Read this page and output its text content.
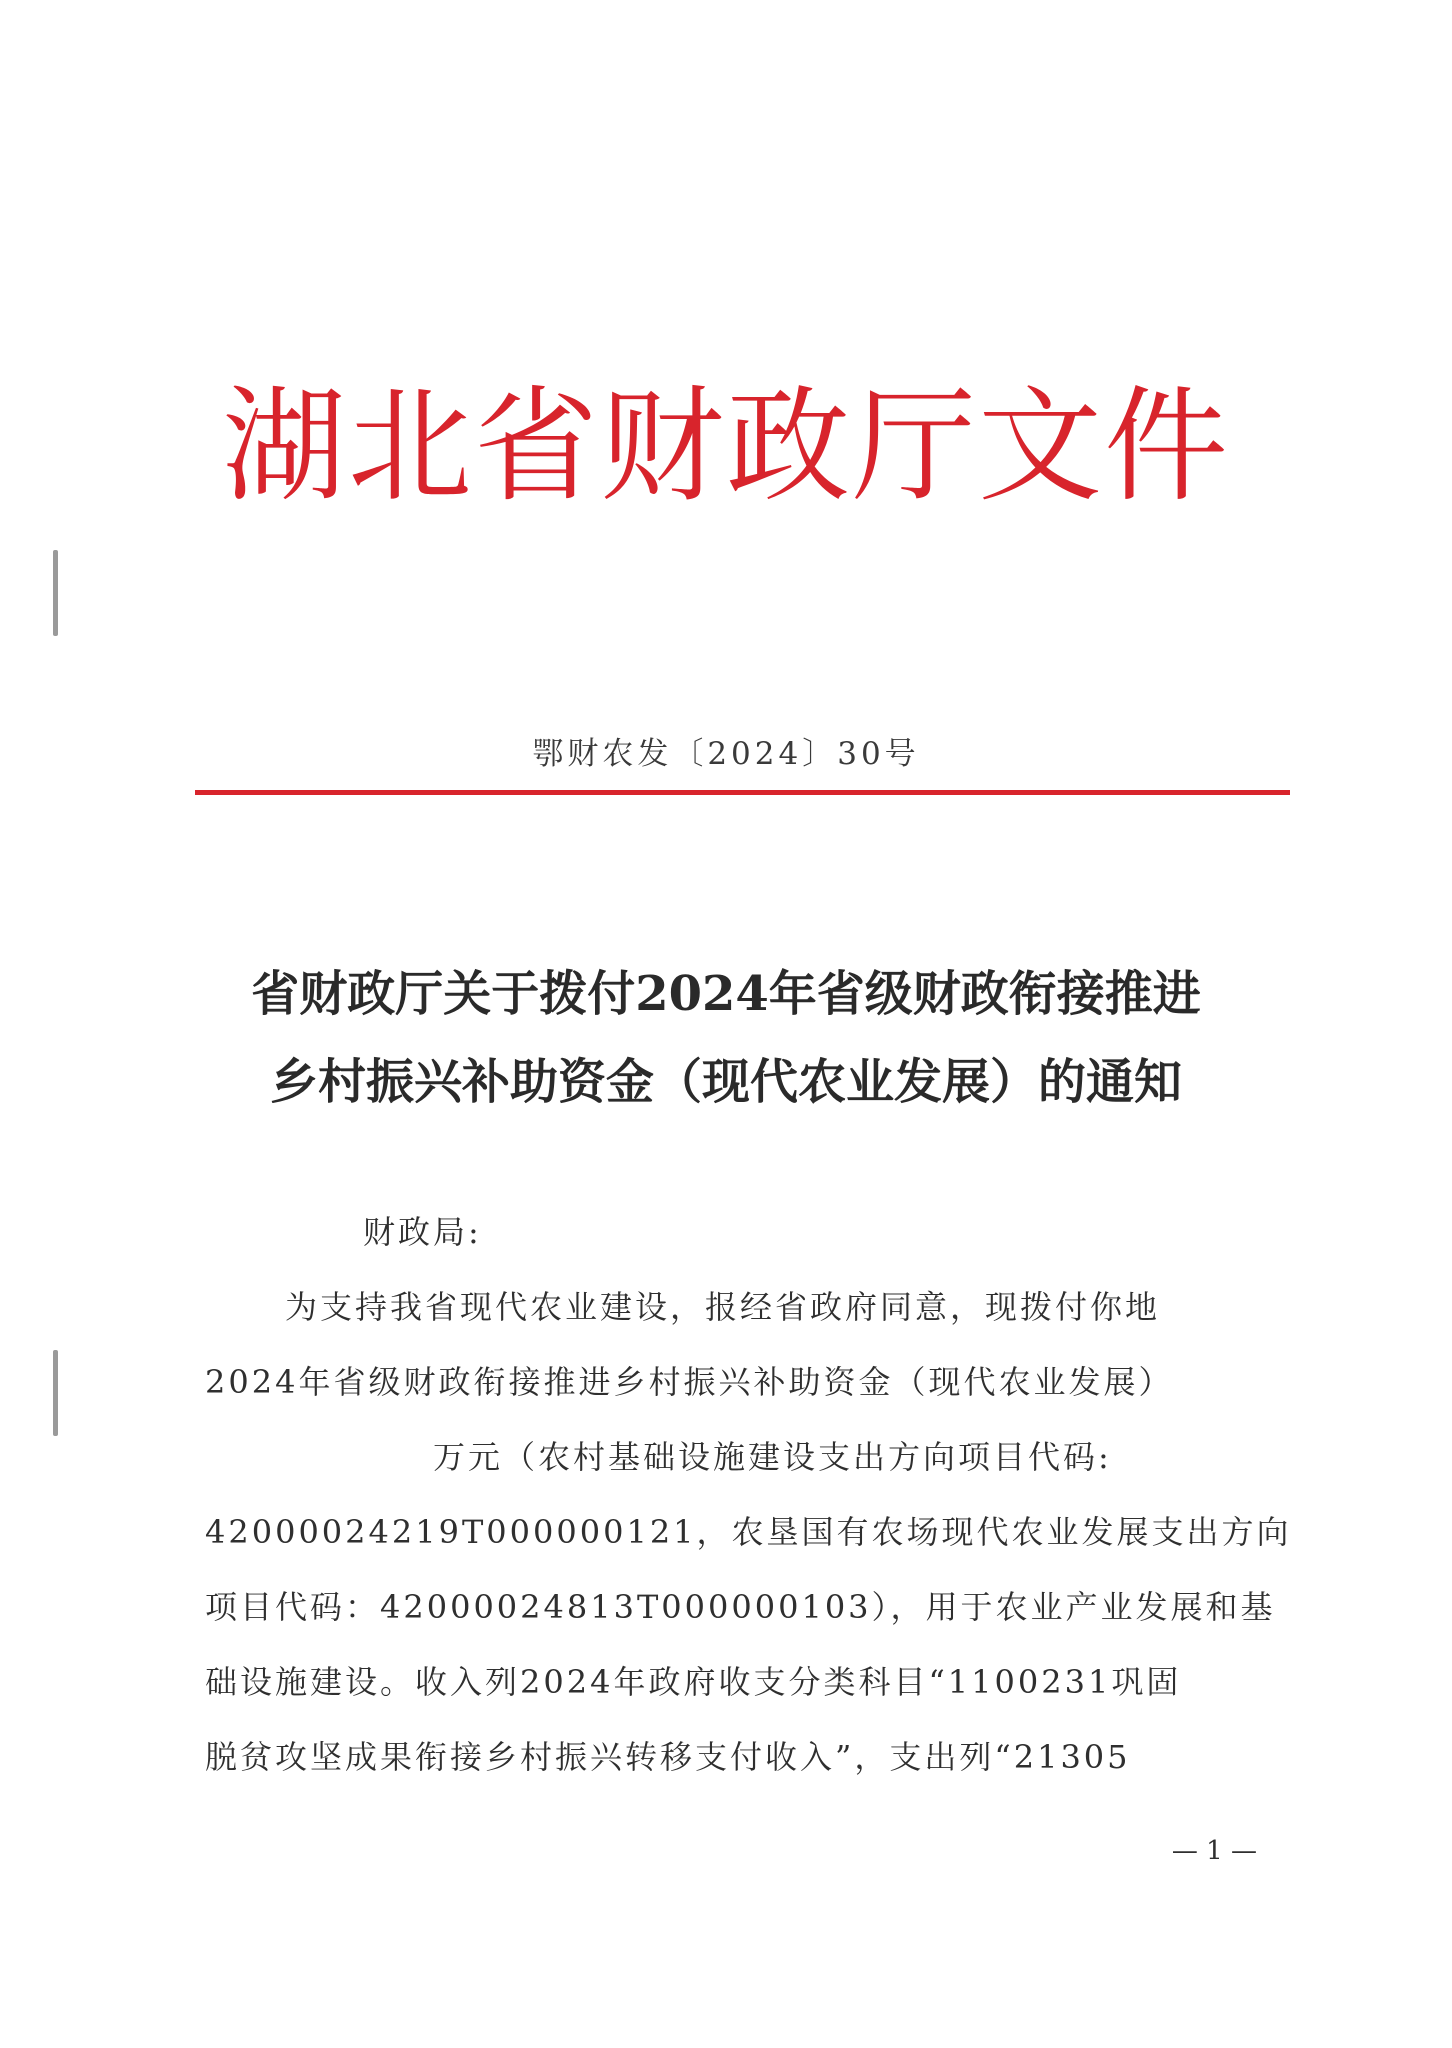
湖北省财政厅文件
鄂财农发〔2024〕30号
省财政厅关于拨付2024年省级财政衔接推进
乡村振兴补助资金（现代农业发展）的通知
财政局:
为支持我省现代农业建设，报经省政府同意，现拨付你地
2024年省级财政衔接推进乡村振兴补助资金（现代农业发展）
万元（农村基础设施建设支出方向项目代码:
42000024219T000000121，农垦国有农场现代农业发展支出方向
项目代码：42000024813T000000103），用于农业产业发展和基
础设施建设。收入列2024年政府收支分类科目“1100231巩固
脱贫攻坚成果衔接乡村振兴转移支付收入”，支出列“21305
— 1 —
